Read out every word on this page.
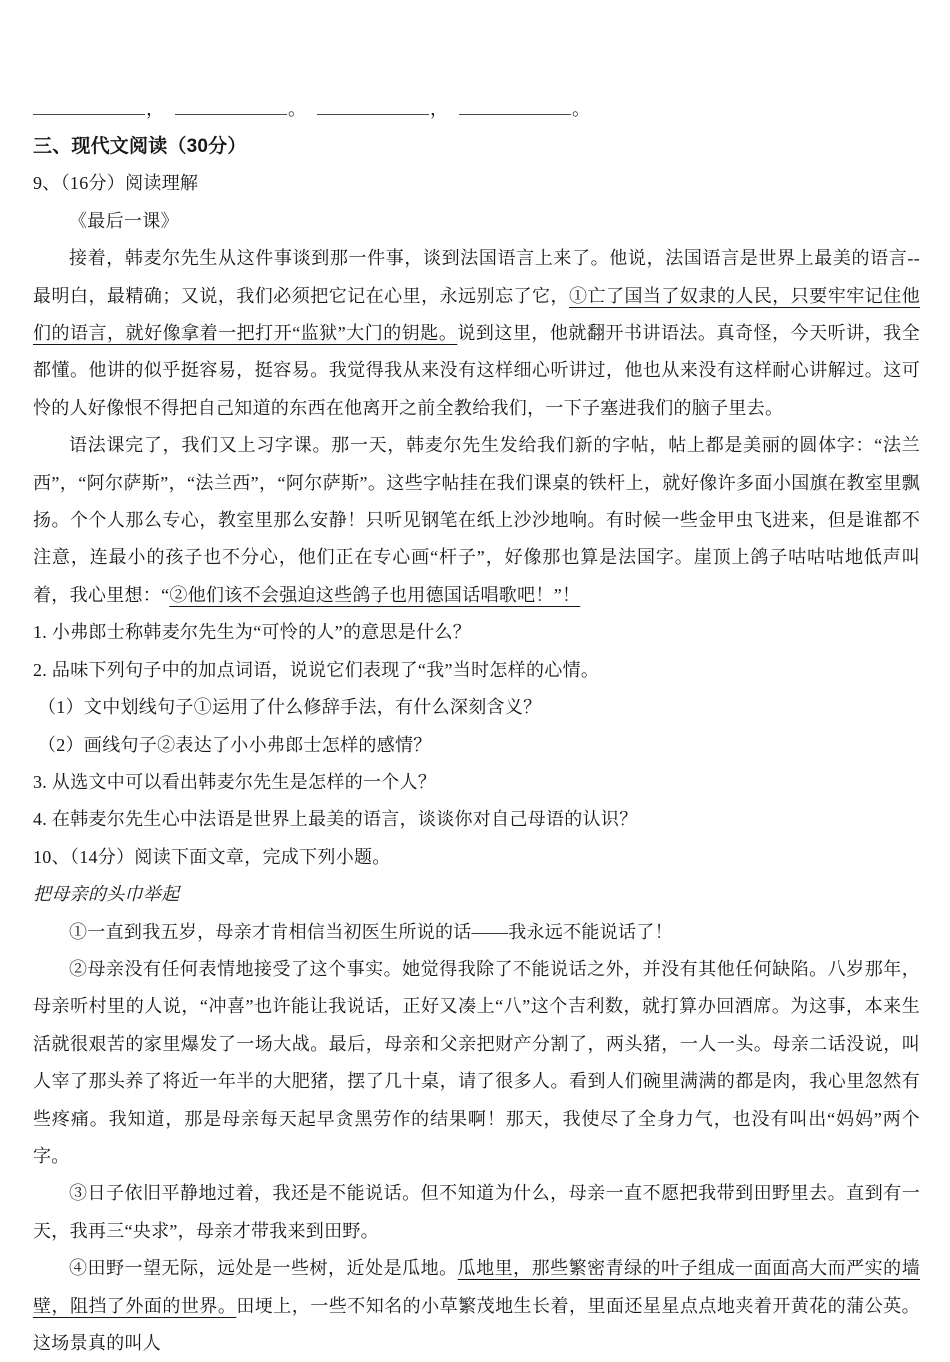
，	。	，	。
三、现代文阅读（30分）
9、（16分）阅读理解
《最后一课》
接着，韩麦尔先生从这件事谈到那一件事，谈到法国语言上来了。他说，法国语言是世界上最美的语言--最明白，最精确；又说，我们必须把它记在心里，永远别忘了它，①亡了国当了奴隶的人民，只要牢牢记住他们的语言，就好像拿着一把打开“监狱”大门的钥匙。说到这里，他就翻开书讲语法。真奇怪，今天听讲，我全都懂。他讲的似乎挺容易，挺容易。我觉得我从来没有这样细心听讲过，他也从来没有这样耐心讲解过。这可怜的人好像恨不得把自己知道的东西在他离开之前全教给我们，一下子塞进我们的脑子里去。
语法课完了，我们又上习字课。那一天，韩麦尔先生发给我们新的字帖，帖上都是美丽的圆体字：“法兰西”，“阿尔萨斯”，“法兰西”，“阿尔萨斯”。这些字帖挂在我们课桌的铁杆上，就好像许多面小国旗在教室里飘扬。个个人那么专心，教室里那么安静！只听见钢笔在纸上沙沙地响。有时候一些金甲虫飞进来，但是谁都不注意，连最小的孩子也不分心，他们正在专心画“杆子”，好像那也算是法国字。崖顶上鸽子咕咕咕地低声叫着，我心里想：“②他们该不会强迫这些鸽子也用德国话唱歌吧！”！
1. 小弗郎士称韩麦尔先生为“可怜的人”的意思是什么？
2. 品味下列句子中的加点词语，说说它们表现了“我”当时怎样的心情。
（1）文中划线句子①运用了什么修辞手法，有什么深刻含义？
（2）画线句子②表达了小小弗郎士怎样的感情？
3. 从选文中可以看出韩麦尔先生是怎样的一个人？
4. 在韩麦尔先生心中法语是世界上最美的语言，谈谈你对自己母语的认识？
10、（14分）阅读下面文章，完成下列小题。
把母亲的头巾举起
①一直到我五岁，母亲才肯相信当初医生所说的话——我永远不能说话了！
②母亲没有任何表情地接受了这个事实。她觉得我除了不能说话之外，并没有其他任何缺陷。八岁那年，母亲听村里的人说，“冲喜”也许能让我说话，正好又凑上“八”这个吉利数，就打算办回酒席。为这事，本来生活就很艰苦的家里爆发了一场大战。最后，母亲和父亲把财产分割了，两头猪，一人一头。母亲二话没说，叫人宰了那头养了将近一年半的大肥猪，摆了几十桌，请了很多人。看到人们碗里满满的都是肉，我心里忽然有些疼痛。我知道，那是母亲每天起早贪黑劳作的结果啊！那天，我使尽了全身力气，也没有叫出“妈妈”两个字。
③日子依旧平静地过着，我还是不能说话。但不知道为什么，母亲一直不愿把我带到田野里去。直到有一天，我再三“央求”，母亲才带我来到田野。
④田野一望无际，远处是一些树，近处是瓜地。瓜地里，那些繁密青绿的叶子组成一面面高大而严实的墙壁，阻挡了外面的世界。田埂上，一些不知名的小草繁茂地生长着，里面还星星点点地夹着开黄花的蒲公英。这场景真的叫人
